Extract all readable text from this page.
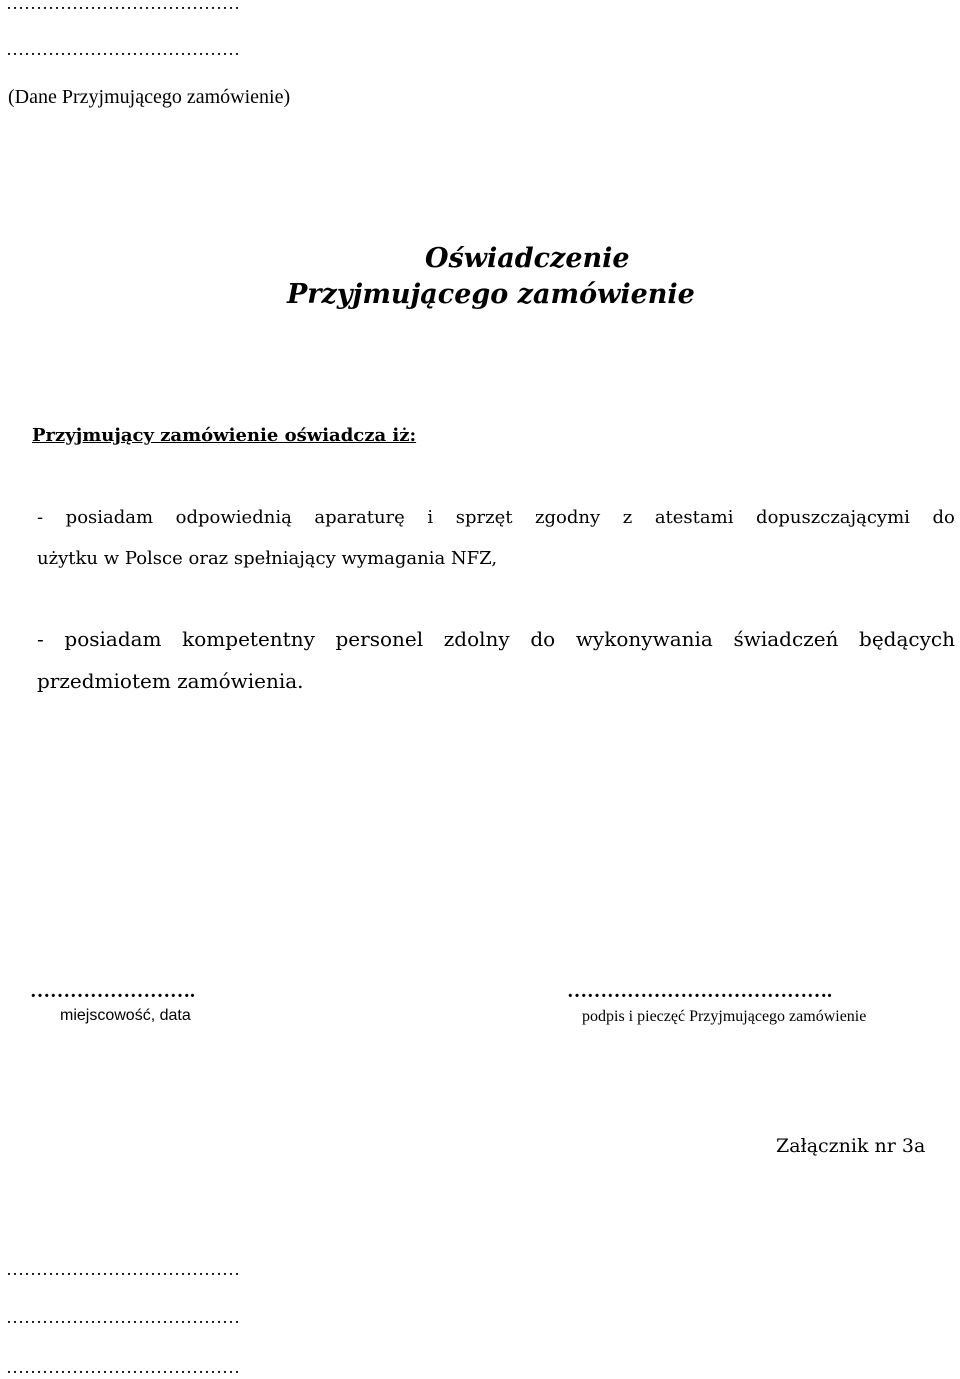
…………………………………
…………………………………
(Dane Przyjmującego zamówienie)
Oświadczenie
Przyjmującego zamówienie
Przyjmujący zamówienie oświadcza iż:
- posiadam odpowiednią aparaturę i sprzęt zgodny z atestami dopuszczającymi do
użytku w Polsce oraz spełniający wymagania NFZ,
- posiadam kompetentny personel zdolny do wykonywania świadczeń będących
przedmiotem zamówienia.
…………………….
miejscowość, data
………………………………….
podpis i pieczęć Przyjmującego zamówienie
Załącznik nr 3a
…………………………………
…………………………………
…………………………………
